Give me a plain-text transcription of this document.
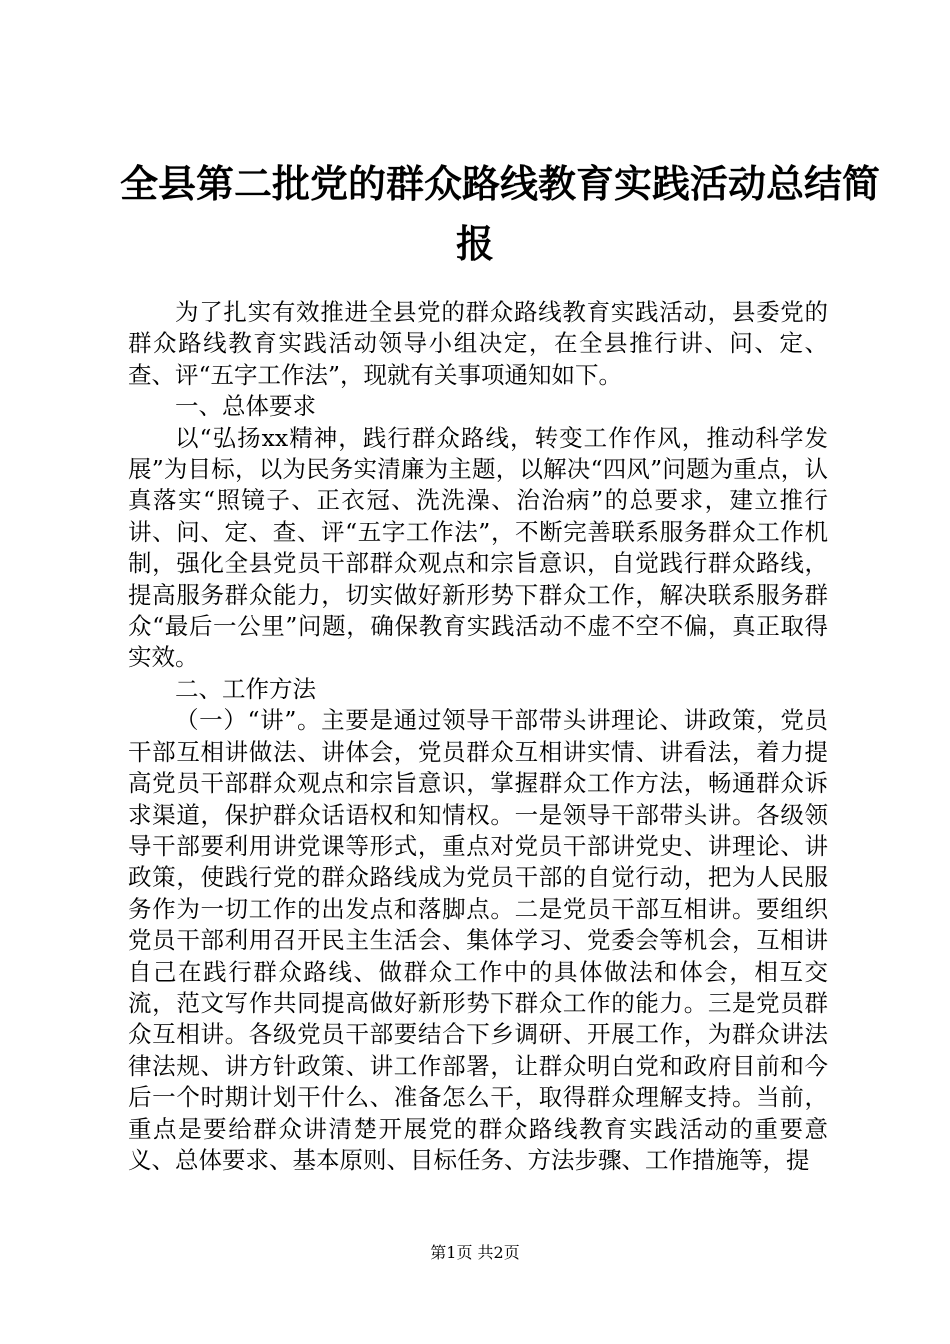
全县第二批党的群众路线教育实践活动总结简
报

为了扎实有效推进全县党的群众路线教育实践活动，县委党的群众路线教育实践活动领导小组决定，在全县推行讲、问、定、查、评“五字工作法”，现就有关事项通知如下。

一、总体要求

以“弘扬xx精神，践行群众路线，转变工作作风，推动科学发展”为目标，以为民务实清廉为主题，以解决“四风”问题为重点，认真落实“照镜子、正衣冠、洗洗澡、治治病”的总要求，建立推行讲、问、定、查、评“五字工作法”，不断完善联系服务群众工作机制，强化全县党员干部群众观点和宗旨意识，自觉践行群众路线，提高服务群众能力，切实做好新形势下群众工作，解决联系服务群众“最后一公里”问题，确保教育实践活动不虚不空不偏，真正取得实效。

二、工作方法

（一）“讲”。主要是通过领导干部带头讲理论、讲政策，党员干部互相讲做法、讲体会，党员群众互相讲实情、讲看法，着力提高党员干部群众观点和宗旨意识，掌握群众工作方法，畅通群众诉求渠道，保护群众话语权和知情权。一是领导干部带头讲。各级领导干部要利用讲党课等形式，重点对党员干部讲党史、讲理论、讲政策，使践行党的群众路线成为党员干部的自觉行动，把为人民服务作为一切工作的出发点和落脚点。二是党员干部互相讲。要组织党员干部利用召开民主生活会、集体学习、党委会等机会，互相讲自己在践行群众路线、做群众工作中的具体做法和体会，相互交流，范文写作共同提高做好新形势下群众工作的能力。三是党员群众互相讲。各级党员干部要结合下乡调研、开展工作，为群众讲法律法规、讲方针政策、讲工作部署，让群众明白党和政府目前和今后一个时期计划干什么、准备怎么干，取得群众理解支持。当前，重点是要给群众讲清楚开展党的群众路线教育实践活动的重要意义、总体要求、基本原则、目标任务、方法步骤、工作措施等，提

第1页 共2页
